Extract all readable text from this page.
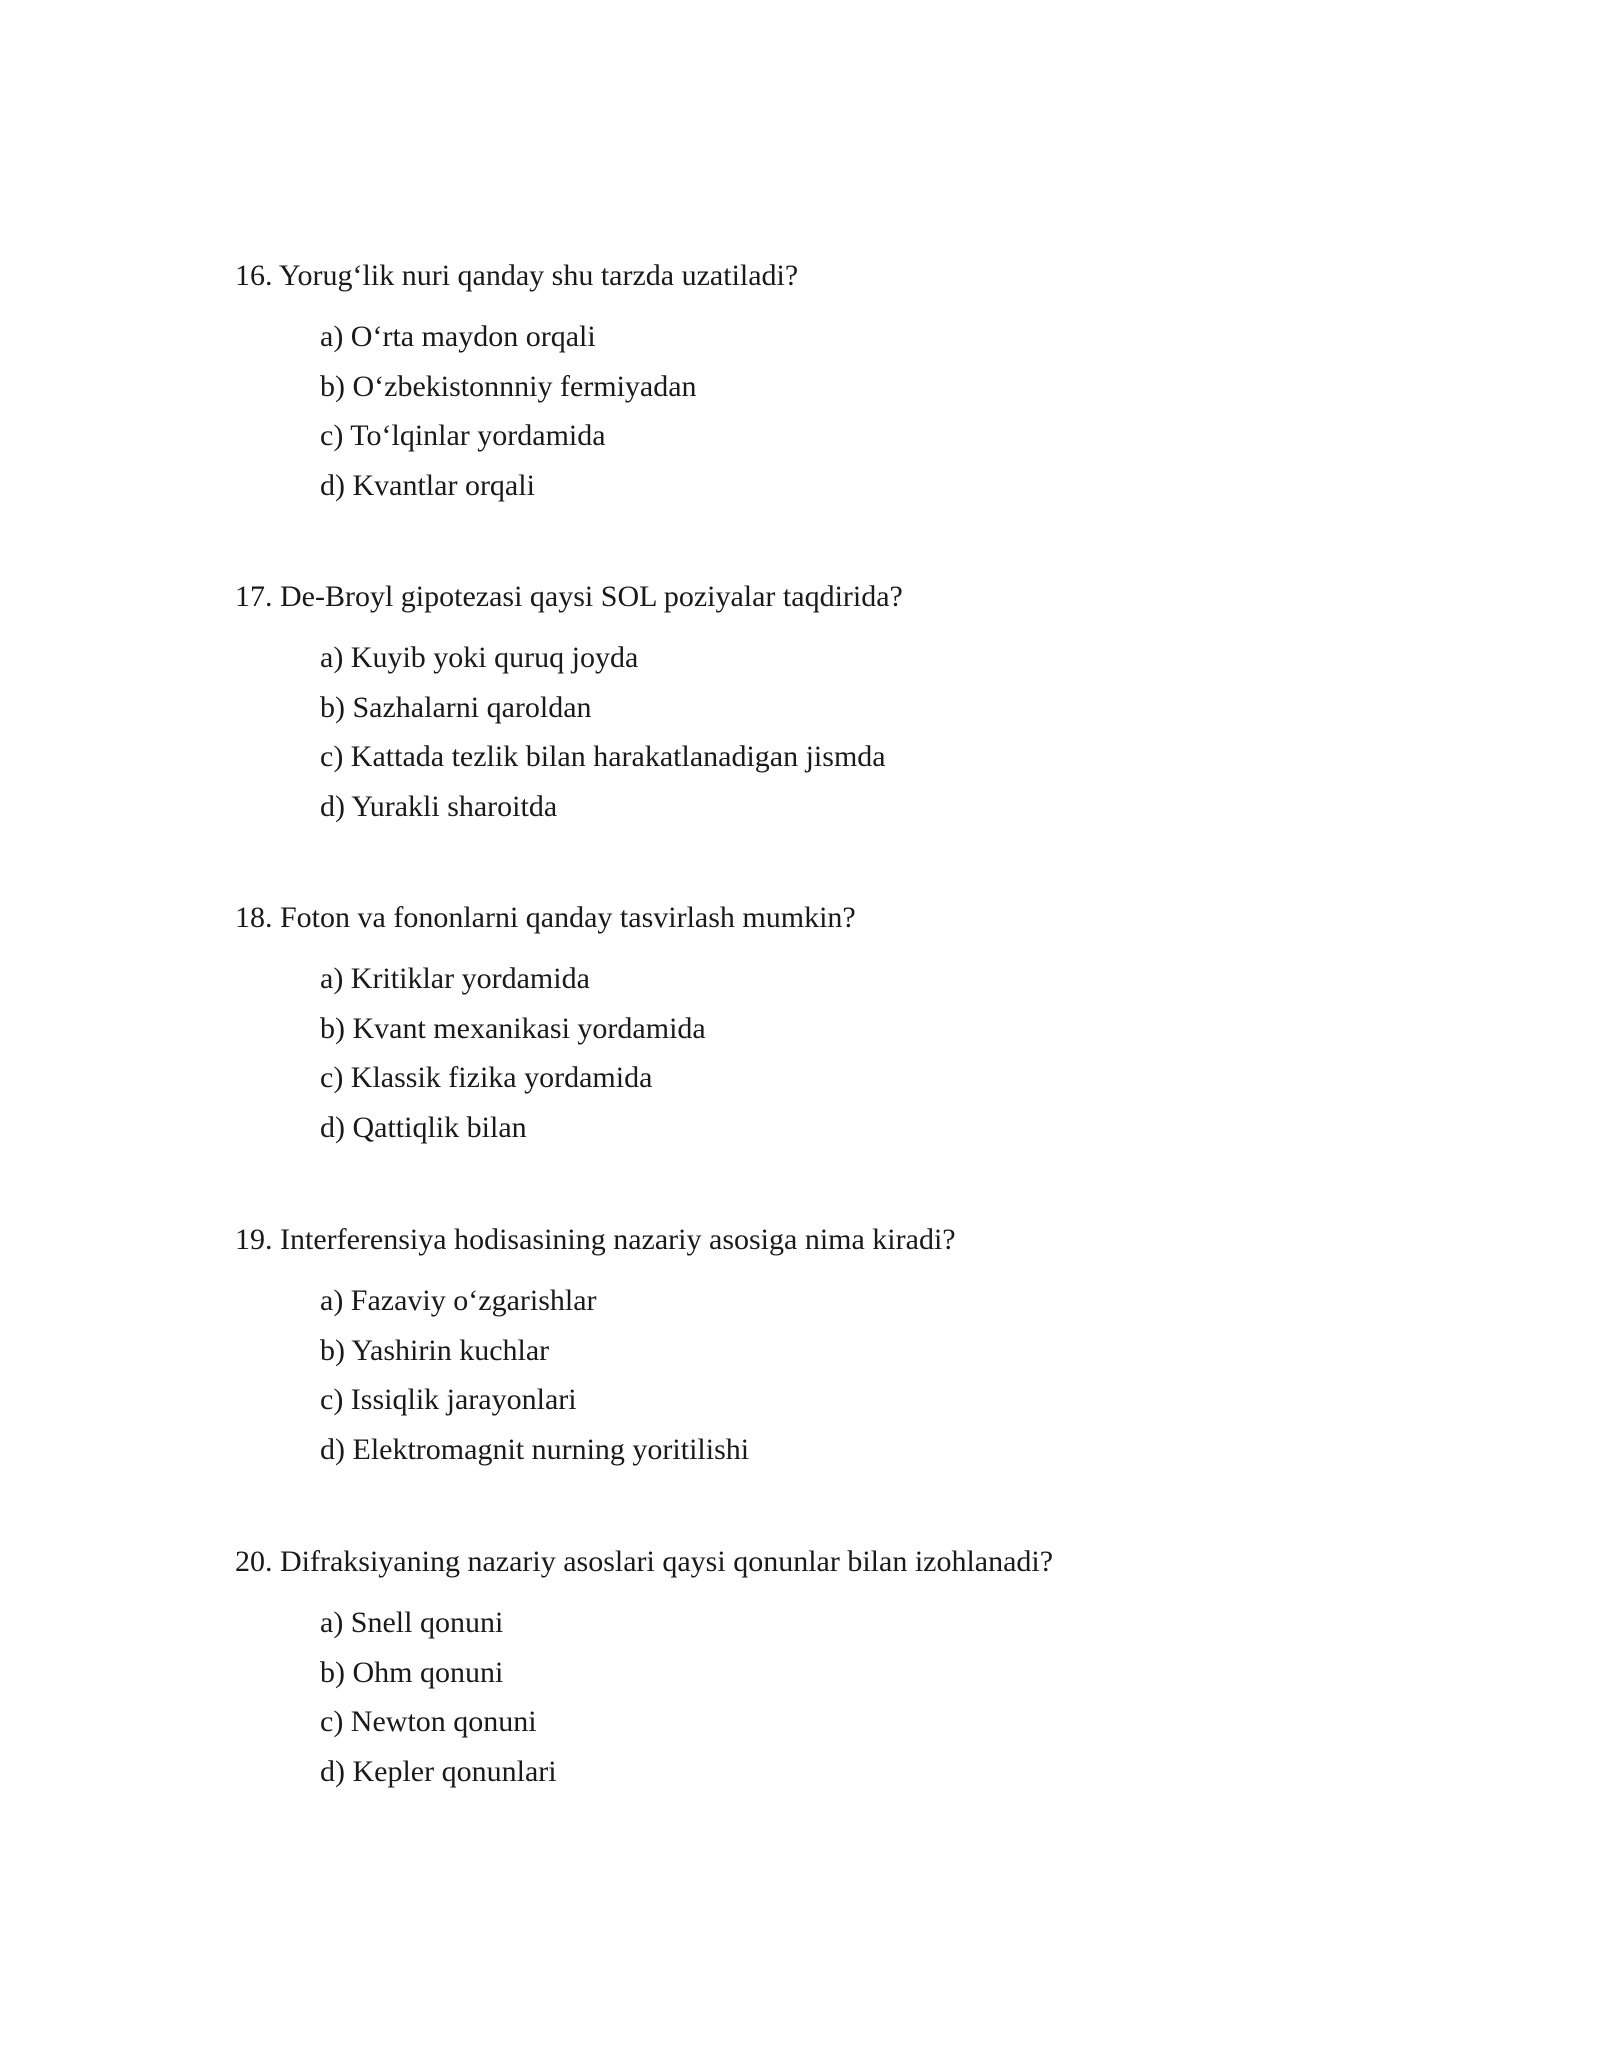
16. Yorug‘lik nuri qanday shu tarzda uzatiladi?
a) O‘rta maydon orqali
b) O‘zbekistonnniy fermiyadan
c) To‘lqinlar yordamida
d) Kvantlar orqali
17. De-Broyl gipotezasi qaysi SOL poziyalar taqdirida?
a) Kuyib yoki quruq joyda
b) Sazhalarni qaroldan
c) Kattada tezlik bilan harakatlanadigan jismda
d) Yurakli sharoitda
18. Foton va fononlarni qanday tasvirlash mumkin?
a) Kritiklar yordamida
b) Kvant mexanikasi yordamida
c) Klassik fizika yordamida
d) Qattiqlik bilan
19. Interferensiya hodisasining nazariy asosiga nima kiradi?
a) Fazaviy o‘zgarishlar
b) Yashirin kuchlar
c) Issiqlik jarayonlari
d) Elektromagnit nurning yoritilishi
20. Difraksiyaning nazariy asoslari qaysi qonunlar bilan izohlanadi?
a) Snell qonuni
b) Ohm qonuni
c) Newton qonuni
d) Kepler qonunlari
